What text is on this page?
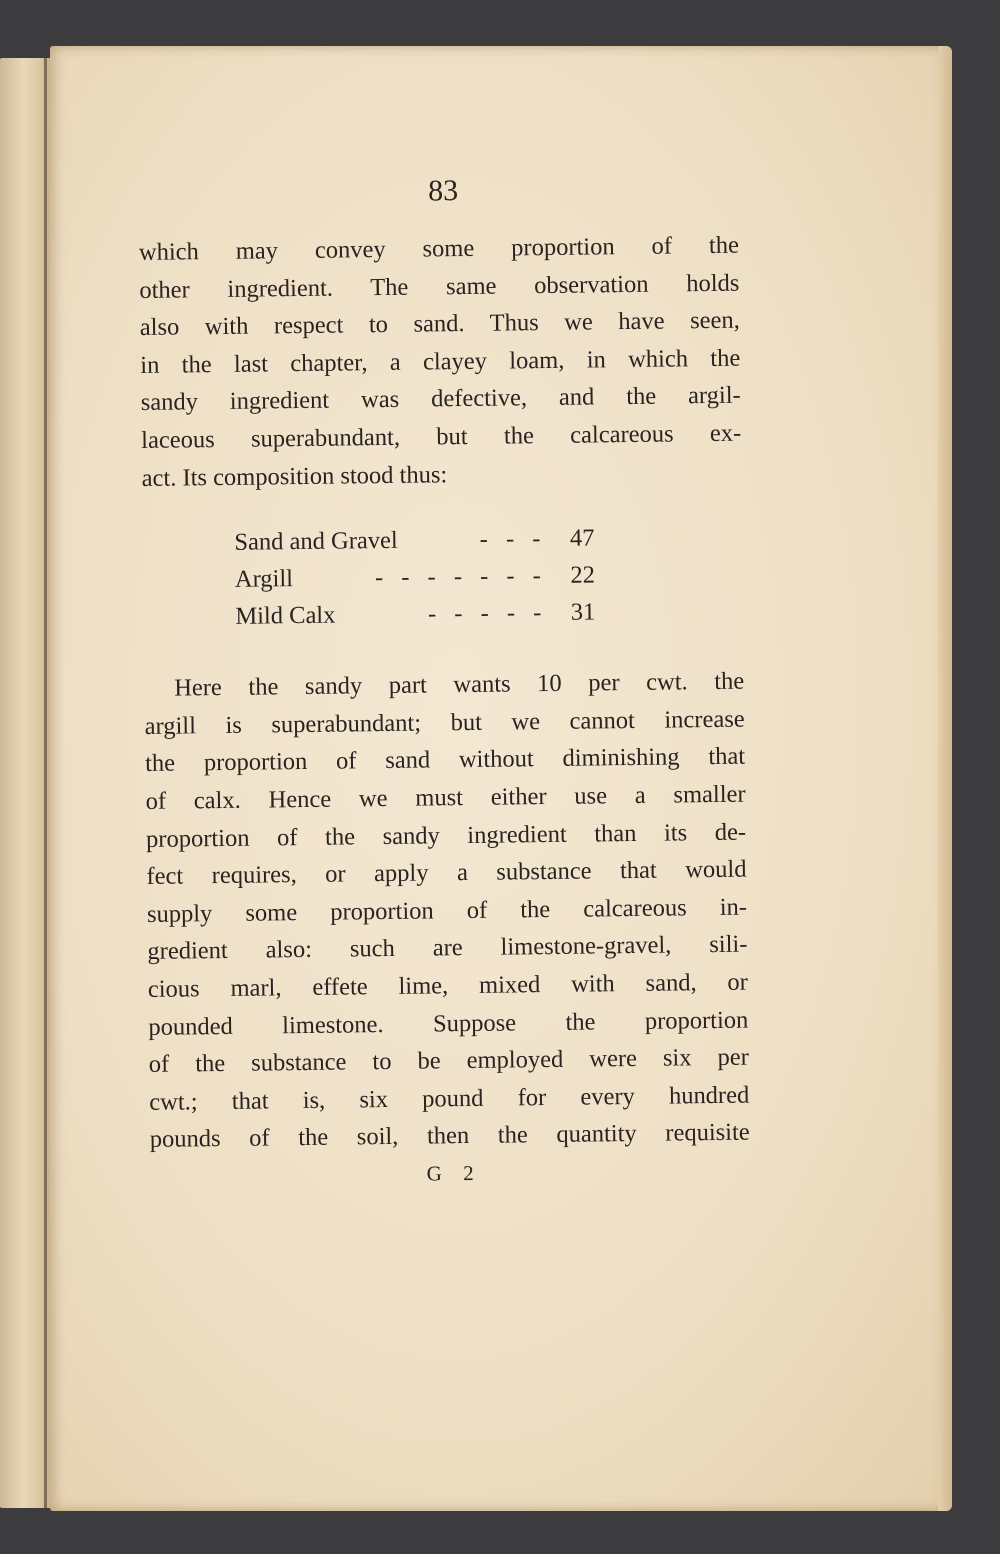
83
which may convey some proportion of the
other ingredient. The same observation holds
also with respect to sand. Thus we have seen,
in the last chapter, a clayey loam, in which the
sandy ingredient was defective, and the argil-
laceous superabundant, but the calcareous ex-
act. Its composition stood thus:
Sand and Gravel	- - - 47
Argill	- - - - - - - 22
Mild Calx	- - - - - 31
Here the sandy part wants 10 per cwt. the
argill is superabundant; but we cannot increase
the proportion of sand without diminishing that
of calx. Hence we must either use a smaller
proportion of the sandy ingredient than its de-
fect requires, or apply a substance that would
supply some proportion of the calcareous in-
gredient also: such are limestone-gravel, sili-
cious marl, effete lime, mixed with sand, or
pounded limestone. Suppose the proportion
of the substance to be employed were six per
cwt.; that is, six pound for every hundred
pounds of the soil, then the quantity requisite
G 2
